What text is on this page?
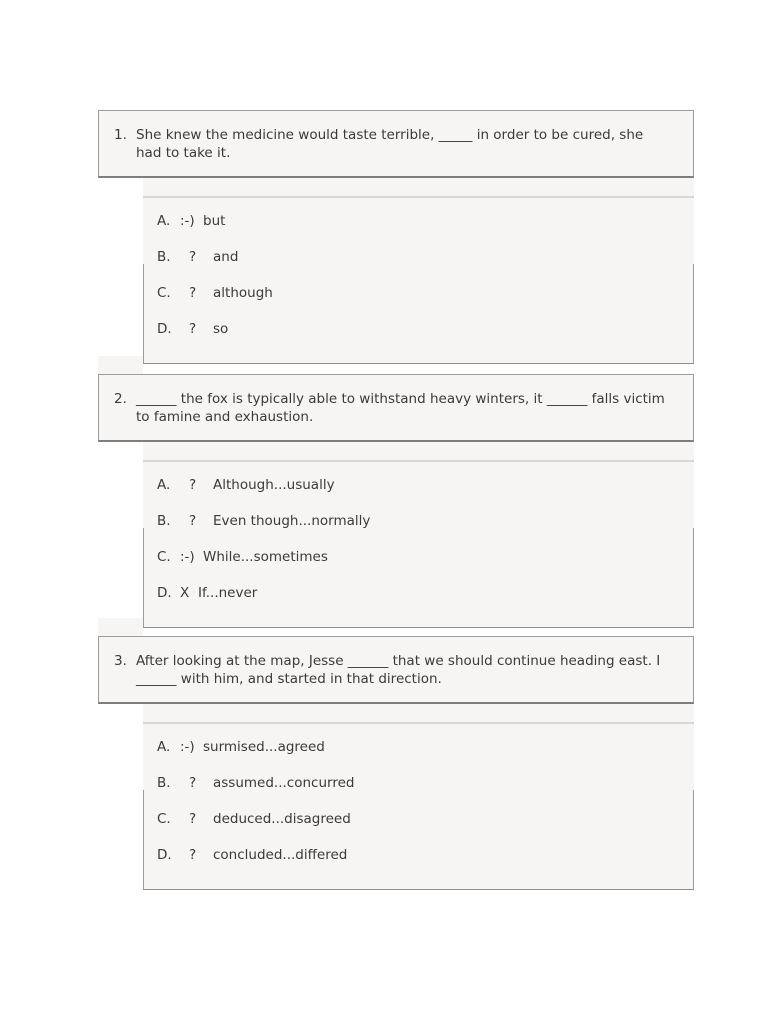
1. She knew the medicine would taste terrible, _____ in order to be cured, she had to take it.
A. :-) but
B. ? and
C. ? although
D. ? so
2. ______ the fox is typically able to withstand heavy winters, it ______ falls victim to famine and exhaustion.
A. ? Although...usually
B. ? Even though...normally
C. :-) While...sometimes
D. X If...never
3. After looking at the map, Jesse ______ that we should continue heading east. I ______ with him, and started in that direction.
A. :-) surmised...agreed
B. ? assumed...concurred
C. ? deduced...disagreed
D. ? concluded...differed
